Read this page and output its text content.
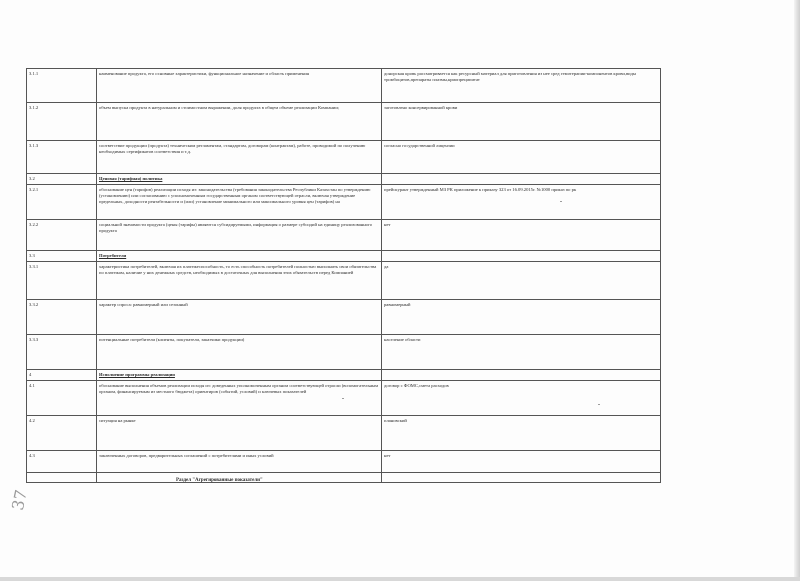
3.1.1	наименование продукта, его основные характеристики, функциональное назначение и область применения	донорская кровь рассматривается как ресурсный материал для приготовления из нее сред гемотерапии-компонентов крови,виды тромбоцитов,препараты плазмы,криопреципитат
3.1.2	объем выпуска продукта в натуральном и стоимостном выражении, доля продукта в общем объеме реализации Компании;	заготовлено консервированной крови
3.1.3	соответствие продукции (продукта) техническим регламентам, стандартам, договорам (контрактам), работе, проводимой по получению необходимых сертификатов соответствия и т.д.	согласно государственной лицензии
3.2	Ценовая (тарифная) политика	
3.2.1	обоснование цен (тарифов) реализации исходя из: законодательства (требования законодательства Республики Казахстан по утверждению (установлению) или согласованию с уполномоченным государственным органом соответствующей отрасли, включая утверждение предельных, доходности рентабельности и (или) установление минимального или максимального уровня цен (тарифов) на	прейскурант утвержденный МЗ РК приложение к приказу 323 от 16.09.2015г. №1000 приказ по рк
3.2.2	социальной значимости продукта (цены (тарифы) являются субсидируемыми, информация о размере субсидий на единицу реализованного продукта	нет
3.3	Потребители	
3.3.1	характеристика потребителей, включая их платежеспособность, то есть способность потребителей полностью выполнить свои обязательства по платежам, наличие у них денежных средств, необходимых в достаточных для выполнения этих обязательств перед Компанией	да
3.3.2	характер спроса: равномерный или сезонный	равномерный
3.3.3	потенциальные потребители (клиенты, покупатели, заказчики продукции)	население области
4	Исполнение программы реализации	
4.1	обоснование выполнения объемов реализации исходя из: доведенных уполномоченным органом соответствующей отрасли (вспомогательным органом, финансируемым из местного бюджета) ориентиров (событий, условий) и ключевых показателей	договор с ФОМС,смета расходов
4.2	ситуация на рынке	плановский
4.3	заключенных договоров, предварительных соглашений с потребителями и иных условий	нет
Раздел "Агрегированные показатели"
37
